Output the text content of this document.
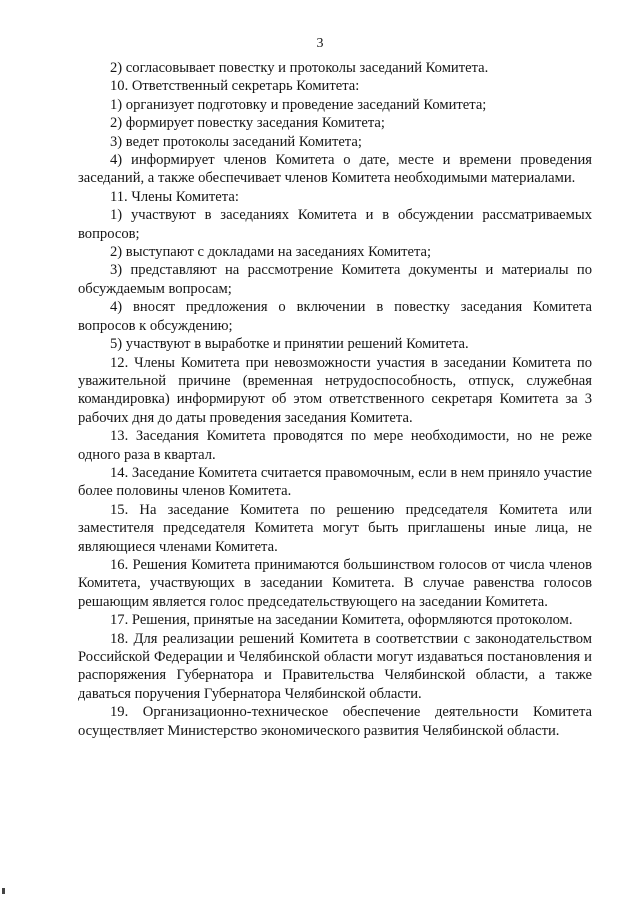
3

2) согласовывает повестку и протоколы заседаний Комитета.

10. Ответственный секретарь Комитета:

1) организует подготовку и проведение заседаний Комитета;

2) формирует повестку заседания Комитета;

3) ведет протоколы заседаний Комитета;

4) информирует членов Комитета о дате, месте и времени проведения заседаний, а также обеспечивает членов Комитета необходимыми материалами.

11. Члены Комитета:

1) участвуют в заседаниях Комитета и в обсуждении рассматриваемых вопросов;

2) выступают с докладами на заседаниях Комитета;

3) представляют на рассмотрение Комитета документы и материалы по обсуждаемым вопросам;

4) вносят предложения о включении в повестку заседания Комитета вопросов к обсуждению;

5) участвуют в выработке и принятии решений Комитета.

12. Члены Комитета при невозможности участия в заседании Комитета по уважительной причине (временная нетрудоспособность, отпуск, служебная командировка) информируют об этом ответственного секретаря Комитета за 3 рабочих дня до даты проведения заседания Комитета.

13. Заседания Комитета проводятся по мере необходимости, но не реже одного раза в квартал.

14. Заседание Комитета считается правомочным, если в нем приняло участие более половины членов Комитета.

15. На заседание Комитета по решению председателя Комитета или заместителя председателя Комитета могут быть приглашены иные лица, не являющиеся членами Комитета.

16. Решения Комитета принимаются большинством голосов от числа членов Комитета, участвующих в заседании Комитета. В случае равенства голосов решающим является голос председательствующего на заседании Комитета.

17. Решения, принятые на заседании Комитета, оформляются протоколом.

18. Для реализации решений Комитета в соответствии с законодательством Российской Федерации и Челябинской области могут издаваться постановления и распоряжения Губернатора и Правительства Челябинской области, а также даваться поручения Губернатора Челябинской области.

19. Организационно-техническое обеспечение деятельности Комитета осуществляет Министерство экономического развития Челябинской области.
